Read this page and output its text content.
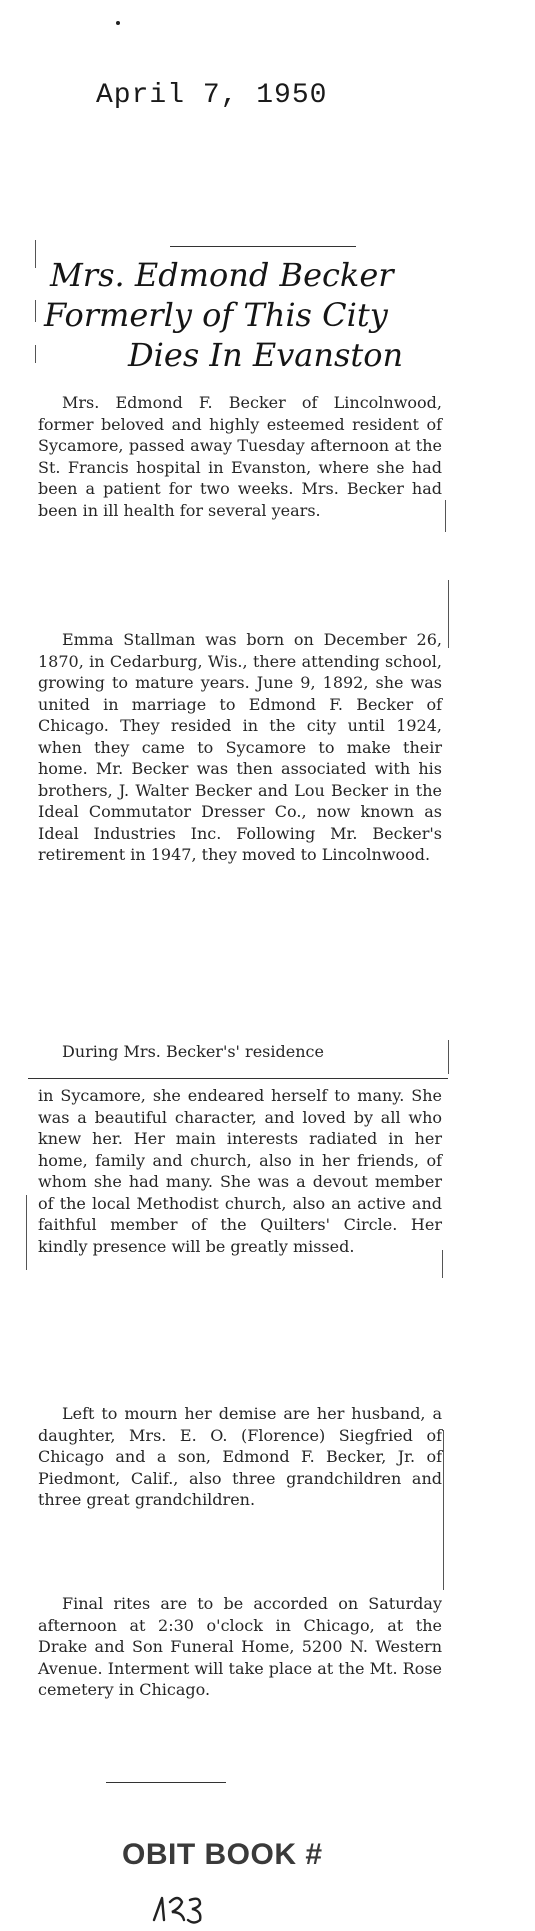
April 7, 1950
Mrs. Edmond Becker
Formerly of This City
Dies In Evanston

Mrs. Edmond F. Becker of Lincolnwood, former beloved and highly esteemed resident of Sycamore, passed away Tuesday afternoon at the St. Francis hospital in Evanston, where she had been a patient for two weeks. Mrs. Becker had been in ill health for several years.

Emma Stallman was born on December 26, 1870, in Cedarburg, Wis., there attending school, growing to mature years. June 9, 1892, she was united in marriage to Edmond F. Becker of Chicago. They resided in the city until 1924, when they came to Sycamore to make their home. Mr. Becker was then associated with his brothers, J. Walter Becker and Lou Becker in the Ideal Commutator Dresser Co., now known as Ideal Industries Inc. Following Mr. Becker's retirement in 1947, they moved to Lincolnwood.

During Mrs. Becker's' residence

in Sycamore, she endeared herself to many. She was a beautiful character, and loved by all who knew her. Her main interests radiated in her home, family and church, also in her friends, of whom she had many. She was a devout member of the local Methodist church, also an active and faithful member of the Quilters' Circle. Her kindly presence will be greatly missed.

Left to mourn her demise are her husband, a daughter, Mrs. E. O. (Florence) Siegfried of Chicago and a son, Edmond F. Becker, Jr. of Piedmont, Calif., also three grandchildren and three great grandchildren.

Final rites are to be accorded on Saturday afternoon at 2:30 o'clock in Chicago, at the Drake and Son Funeral Home, 5200 N. Western Avenue. Interment will take place at the Mt. Rose cemetery in Chicago.

OBIT BOOK #
